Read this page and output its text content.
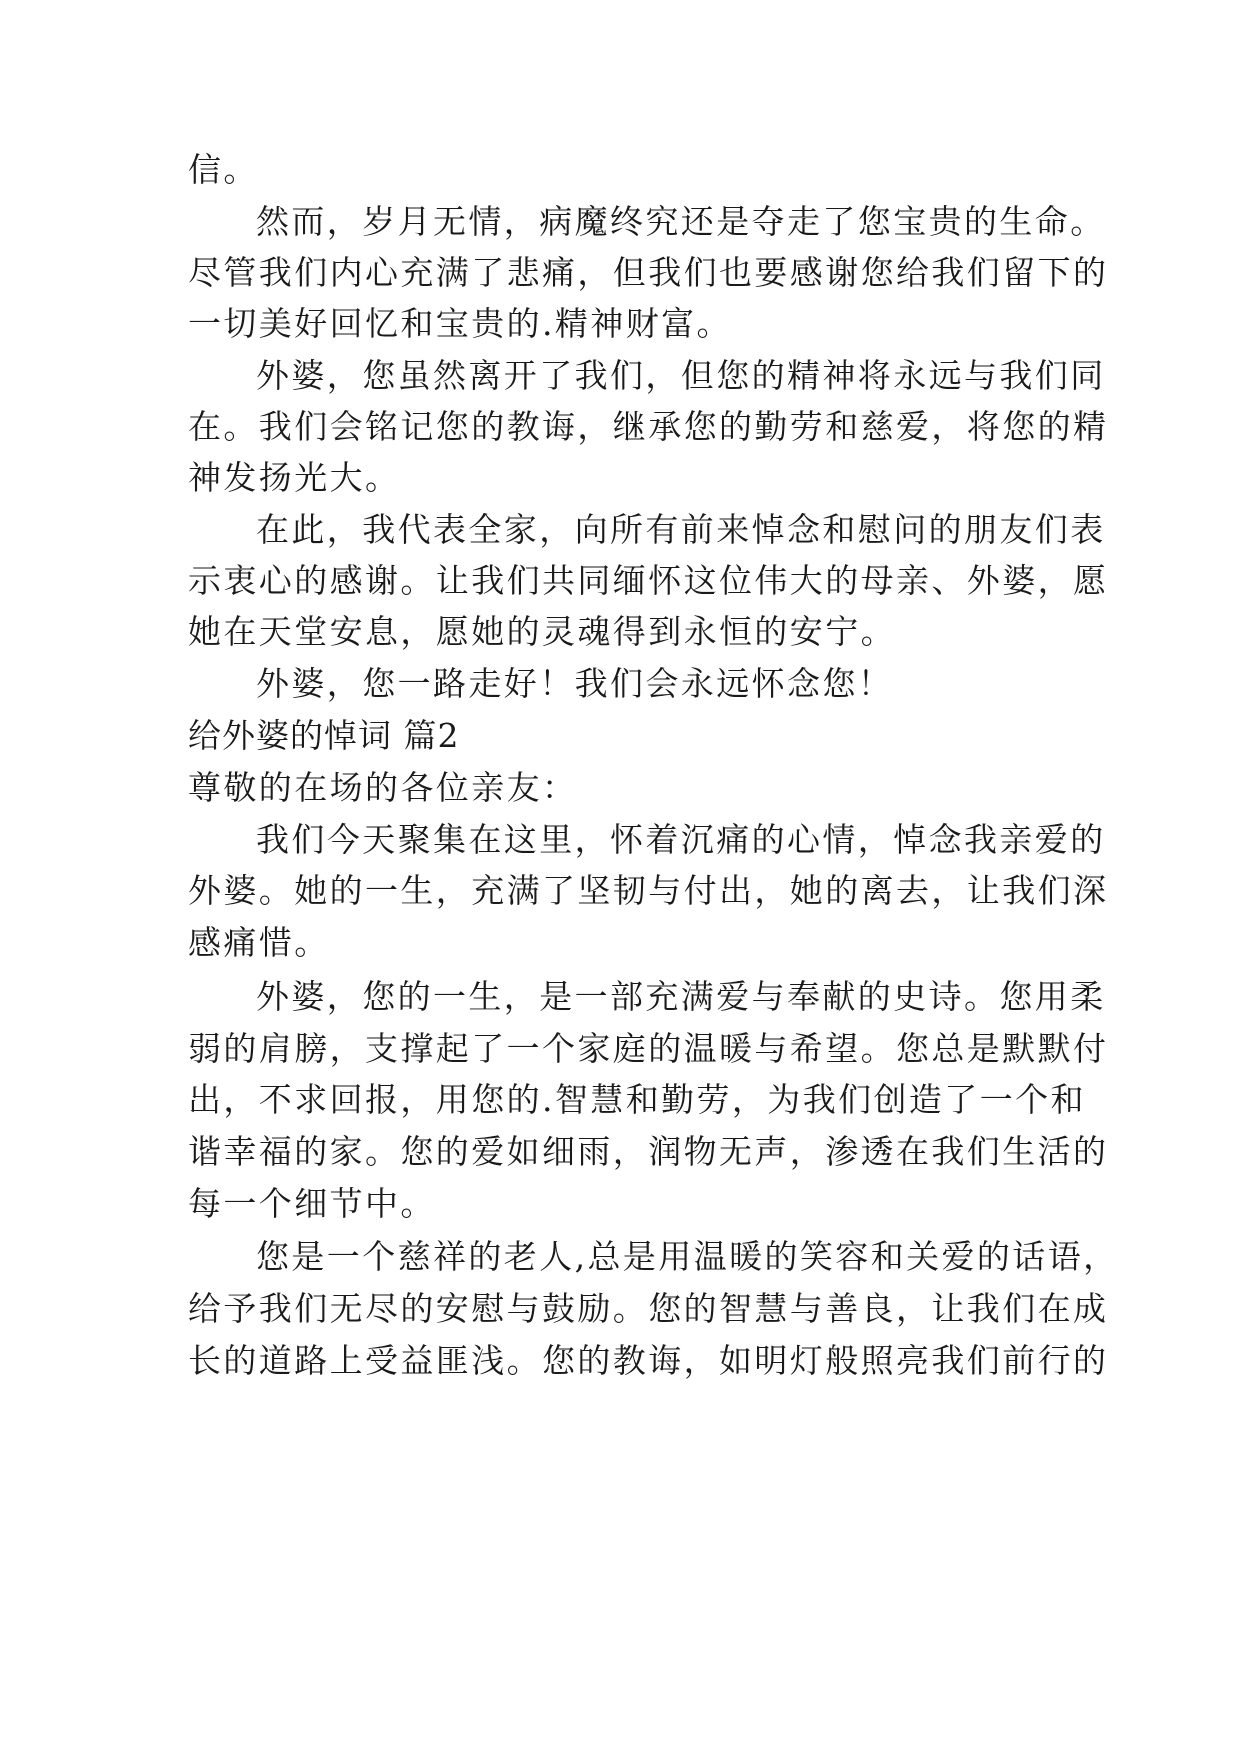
信。
然而，岁月无情，病魔终究还是夺走了您宝贵的生命。
尽管我们内心充满了悲痛，但我们也要感谢您给我们留下的
一切美好回忆和宝贵的.精神财富。
外婆，您虽然离开了我们，但您的精神将永远与我们同
在。我们会铭记您的教诲，继承您的勤劳和慈爱，将您的精
神发扬光大。
在此，我代表全家，向所有前来悼念和慰问的朋友们表
示衷心的感谢。让我们共同缅怀这位伟大的母亲、外婆，愿
她在天堂安息，愿她的灵魂得到永恒的安宁。
外婆，您一路走好！我们会永远怀念您！
给外婆的悼词 篇2
尊敬的在场的各位亲友：
我们今天聚集在这里，怀着沉痛的心情，悼念我亲爱的
外婆。她的一生，充满了坚韧与付出，她的离去，让我们深
感痛惜。
外婆，您的一生，是一部充满爱与奉献的史诗。您用柔
弱的肩膀，支撑起了一个家庭的温暖与希望。您总是默默付
出，不求回报，用您的.智慧和勤劳，为我们创造了一个和
谐幸福的家。您的爱如细雨，润物无声，渗透在我们生活的
每一个细节中。
您是一个慈祥的老人,总是用温暖的笑容和关爱的话语，
给予我们无尽的安慰与鼓励。您的智慧与善良，让我们在成
长的道路上受益匪浅。您的教诲，如明灯般照亮我们前行的
